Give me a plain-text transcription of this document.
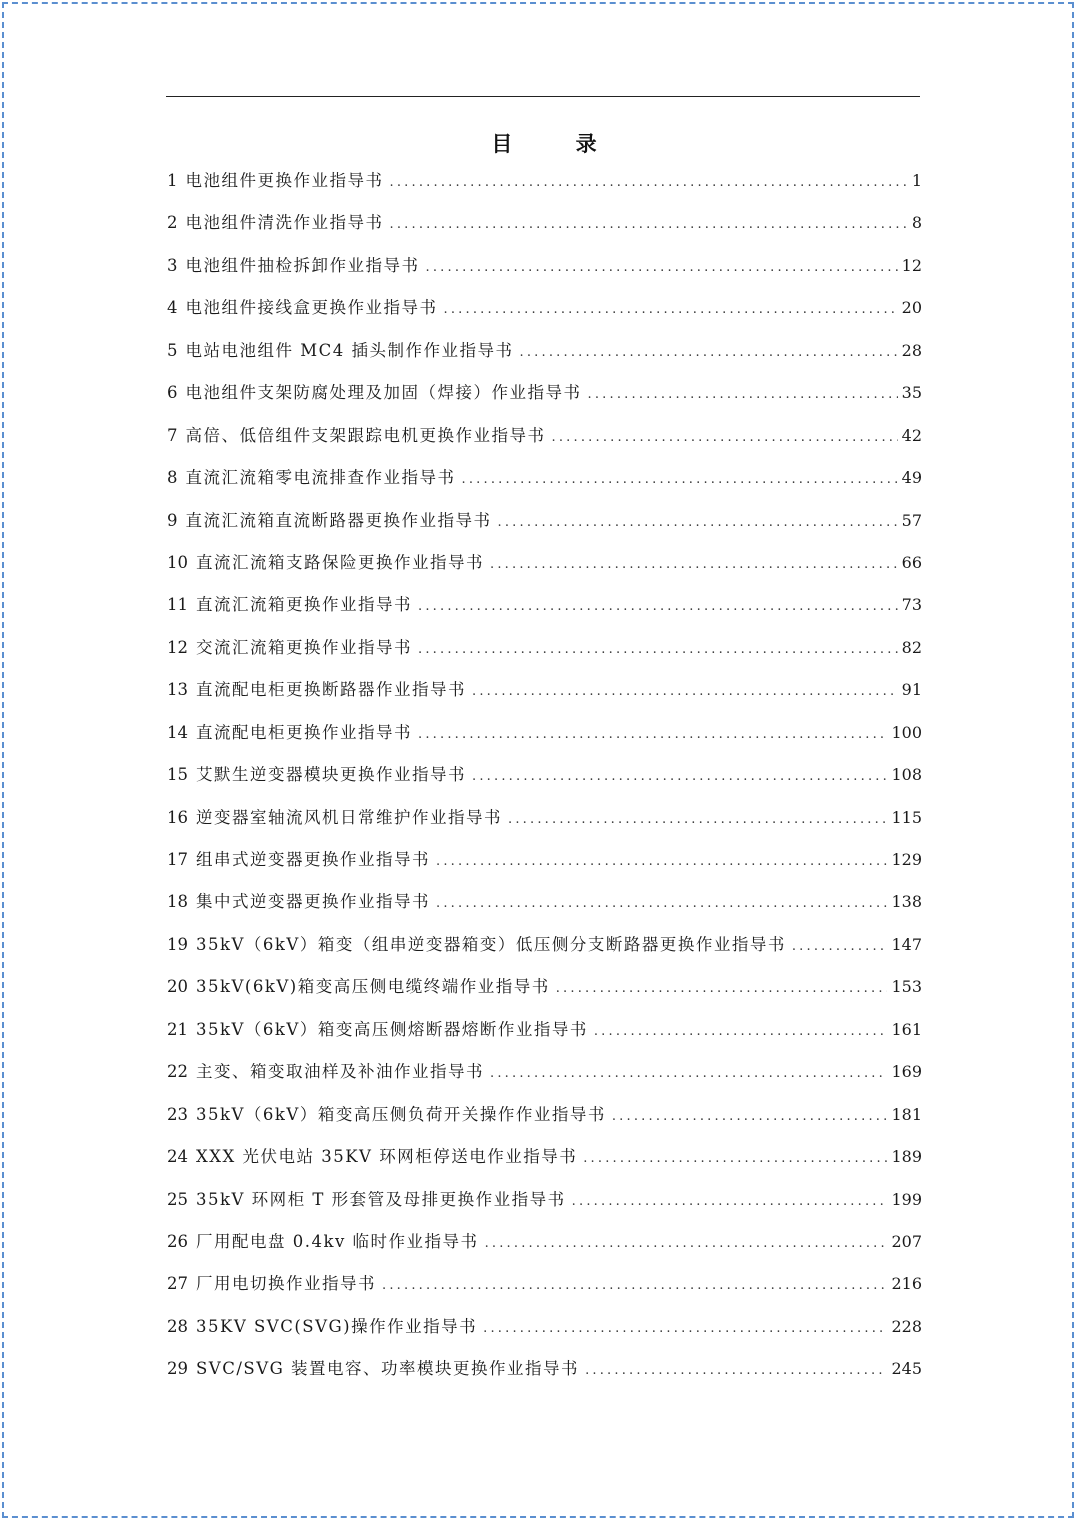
目 录
1 电池组件更换作业指导书 .....	1
2 电池组件清洗作业指导书 .....	8
3 电池组件抽检拆卸作业指导书 .....	12
4 电池组件接线盒更换作业指导书 .....	20
5 电站电池组件 MC4 插头制作作业指导书 .....	28
6 电池组件支架防腐处理及加固（焊接）作业指导书 .....	35
7 高倍、低倍组件支架跟踪电机更换作业指导书 .....	42
8 直流汇流箱零电流排查作业指导书 .....	49
9 直流汇流箱直流断路器更换作业指导书 .....	57
10 直流汇流箱支路保险更换作业指导书 .....	66
11 直流汇流箱更换作业指导书 .....	73
12 交流汇流箱更换作业指导书 .....	82
13 直流配电柜更换断路器作业指导书 .....	91
14 直流配电柜更换作业指导书 .....	100
15 艾默生逆变器模块更换作业指导书 .....	108
16 逆变器室轴流风机日常维护作业指导书 .....	115
17 组串式逆变器更换作业指导书 .....	129
18 集中式逆变器更换作业指导书 .....	138
19 35kV（6kV）箱变（组串逆变器箱变）低压侧分支断路器更换作业指导书 .....	147
20 35kV(6kV)箱变高压侧电缆终端作业指导书 .....	153
21 35kV（6kV）箱变高压侧熔断器熔断作业指导书 .....	161
22 主变、箱变取油样及补油作业指导书 .....	169
23 35kV（6kV）箱变高压侧负荷开关操作作业指导书 .....	181
24 XXX 光伏电站 35KV 环网柜停送电作业指导书 .....	189
25 35kV 环网柜 T 形套管及母排更换作业指导书 .....	199
26 厂用配电盘 0.4kv 临时作业指导书 .....	207
27 厂用电切换作业指导书 .....	216
28 35KV SVC(SVG)操作作业指导书 .....	228
29 SVC/SVG 装置电容、功率模块更换作业指导书 .....	245
